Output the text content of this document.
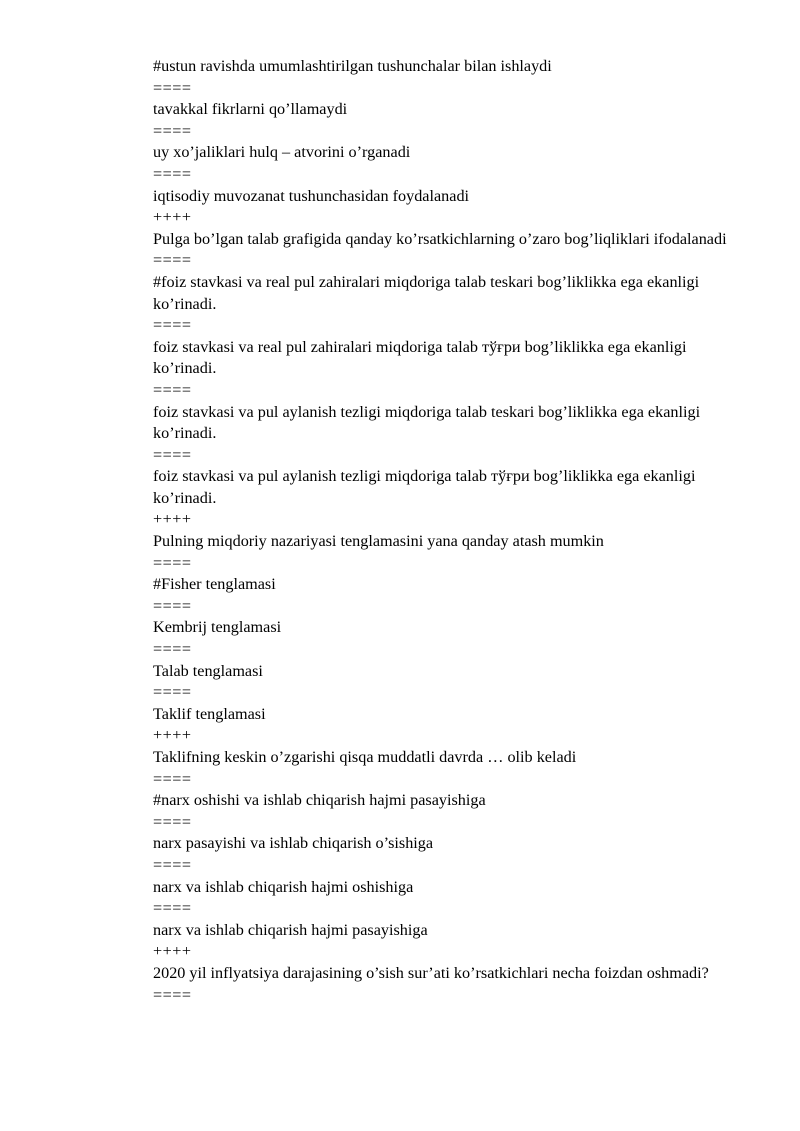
#ustun ravishda umumlashtirilgan tushunchalar bilan ishlaydi

====

tavakkal fikrlarni qo’llamaydi

====

uy xo’jaliklari hulq – atvorini o’rganadi

====

iqtisodiy muvozanat tushunchasidan foydalanadi

++++

Pulga bo’lgan talab grafigida qanday ko’rsatkichlarning o’zaro bog’liqliklari ifodalanadi

====

#foiz stavkasi va real pul zahiralari miqdoriga talab teskari bog’liklikka ega ekanligi ko’rinadi.

====

foiz stavkasi va real pul zahiralari miqdoriga talab тўғри bog’liklikka ega ekanligi ko’rinadi.

====

foiz stavkasi va pul aylanish tezligi miqdoriga talab teskari bog’liklikka ega ekanligi ko’rinadi.

====

foiz stavkasi va pul aylanish tezligi miqdoriga talab тўғри bog’liklikka ega ekanligi ko’rinadi.

++++

Pulning miqdoriy nazariyasi tenglamasini yana qanday atash mumkin

====

#Fisher tenglamasi

====

Kembrij tenglamasi

====

Talab tenglamasi

====

Taklif tenglamasi

++++

Taklifning keskin o’zgarishi qisqa muddatli davrda … olib keladi

====

#narx oshishi va ishlab chiqarish hajmi pasayishiga

====

narx pasayishi va ishlab chiqarish o’sishiga

====

narx va ishlab chiqarish hajmi oshishiga

====

narx va ishlab chiqarish hajmi pasayishiga

++++

2020 yil inflyatsiya darajasining o’sish sur’ati ko’rsatkichlari necha foizdan oshmadi?

====
